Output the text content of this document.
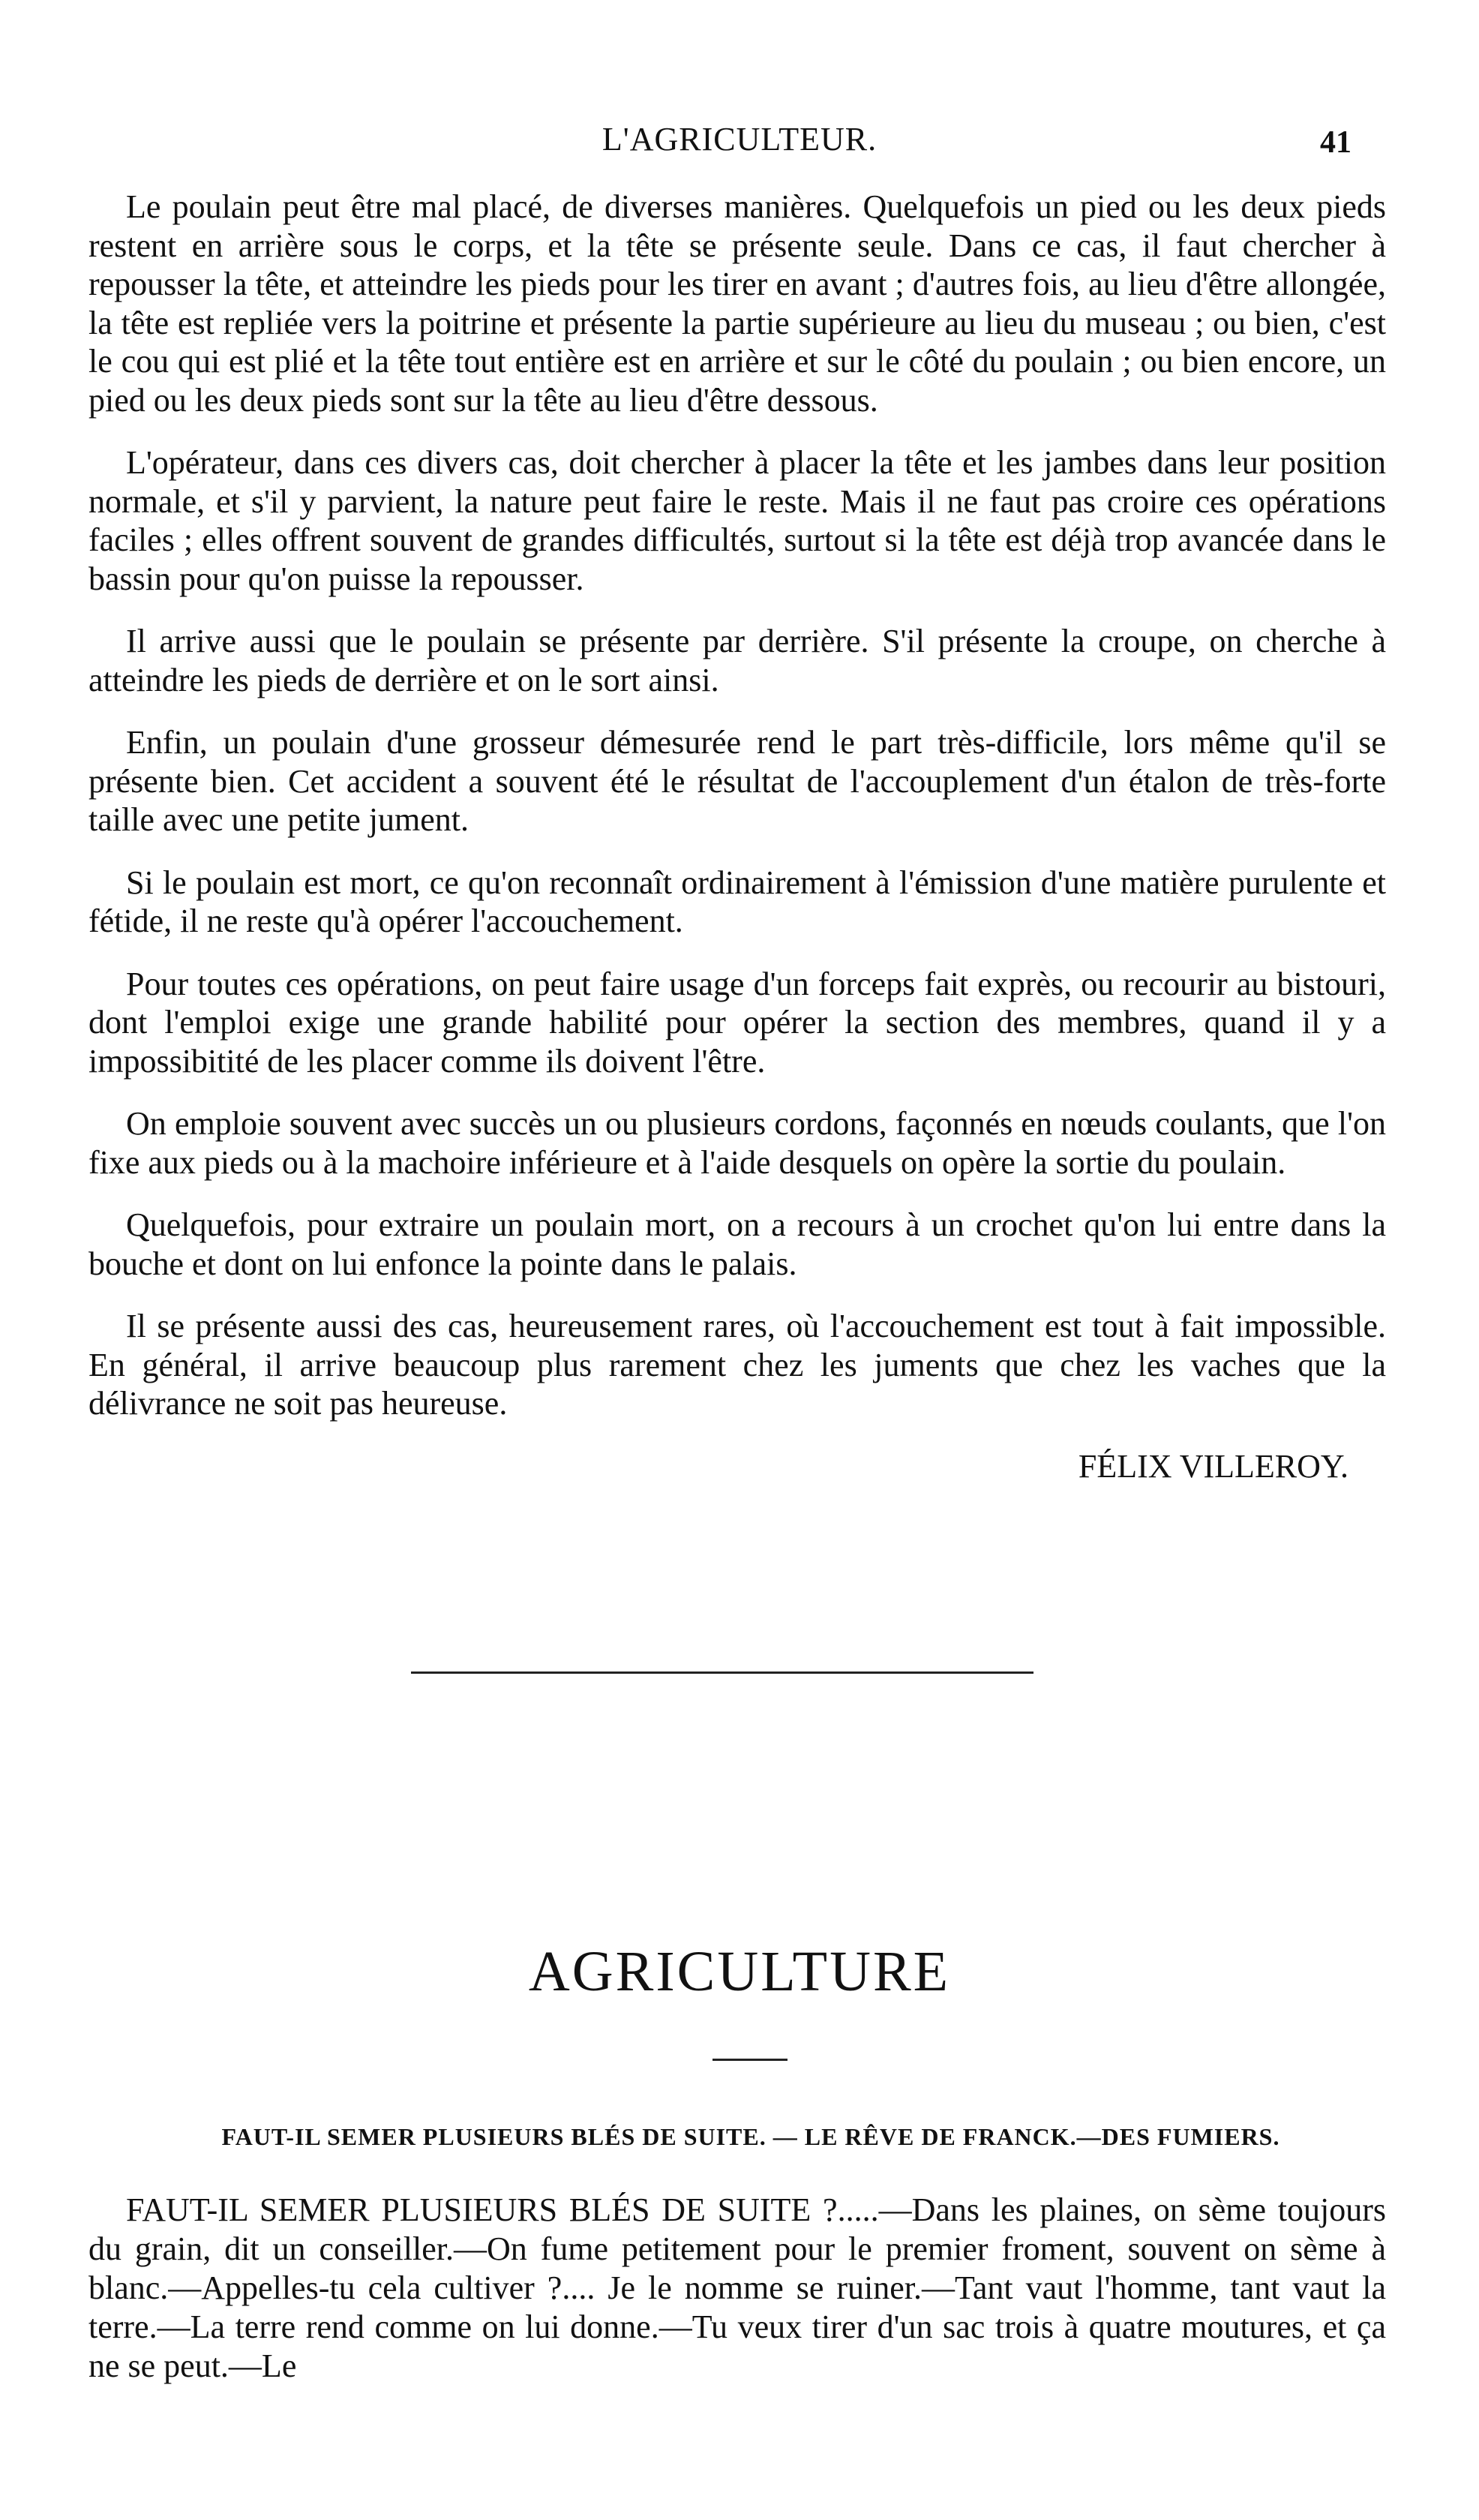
L'AGRICULTEUR.	41

Le poulain peut être mal placé, de diverses manières. Quelquefois un pied ou les deux pieds restent en arrière sous le corps, et la tête se présente seule. Dans ce cas, il faut chercher à repousser la tête, et atteindre les pieds pour les tirer en avant ; d'autres fois, au lieu d'être allongée, la tête est repliée vers la poitrine et présente la partie supérieure au lieu du museau ; ou bien, c'est le cou qui est plié et la tête tout entière est en arrière et sur le côté du poulain ; ou bien encore, un pied ou les deux pieds sont sur la tête au lieu d'être dessous.

L'opérateur, dans ces divers cas, doit chercher à placer la tête et les jambes dans leur position normale, et s'il y parvient, la nature peut faire le reste. Mais il ne faut pas croire ces opérations faciles ; elles offrent souvent de grandes difficultés, surtout si la tête est déjà trop avancée dans le bassin pour qu'on puisse la repousser.

Il arrive aussi que le poulain se présente par derrière. S'il présente la croupe, on cherche à atteindre les pieds de derrière et on le sort ainsi.

Enfin, un poulain d'une grosseur démesurée rend le part très-difficile, lors même qu'il se présente bien. Cet accident a souvent été le résultat de l'accouplement d'un étalon de très-forte taille avec une petite jument.

Si le poulain est mort, ce qu'on reconnaît ordinairement à l'émission d'une matière purulente et fétide, il ne reste qu'à opérer l'accouchement.

Pour toutes ces opérations, on peut faire usage d'un forceps fait exprès, ou recourir au bistouri, dont l'emploi exige une grande habilité pour opérer la section des membres, quand il y a impossibitité de les placer comme ils doivent l'être.

On emploie souvent avec succès un ou plusieurs cordons, façonnés en nœuds coulants, que l'on fixe aux pieds ou à la machoire inférieure et à l'aide desquels on opère la sortie du poulain.

Quelquefois, pour extraire un poulain mort, on a recours à un crochet qu'on lui entre dans la bouche et dont on lui enfonce la pointe dans le palais.

Il se présente aussi des cas, heureusement rares, où l'accouchement est tout à fait impossible. En général, il arrive beaucoup plus rarement chez les juments que chez les vaches que la délivrance ne soit pas heureuse.

FÉLIX VILLEROY.
AGRICULTURE
FAUT-IL SEMER PLUSIEURS BLÉS DE SUITE. — LE RÊVE DE FRANCK.—DES FUMIERS.

FAUT-IL SEMER PLUSIEURS BLÉS DE SUITE ?.....—Dans les plaines, on sème toujours du grain, dit un conseiller.—On fume petitement pour le premier froment, souvent on sème à blanc.—Appelles-tu cela cultiver ?.... Je le nomme se ruiner.—Tant vaut l'homme, tant vaut la terre.—La terre rend comme on lui donne.—Tu veux tirer d'un sac trois à quatre moutures, et ça ne se peut.—Le
